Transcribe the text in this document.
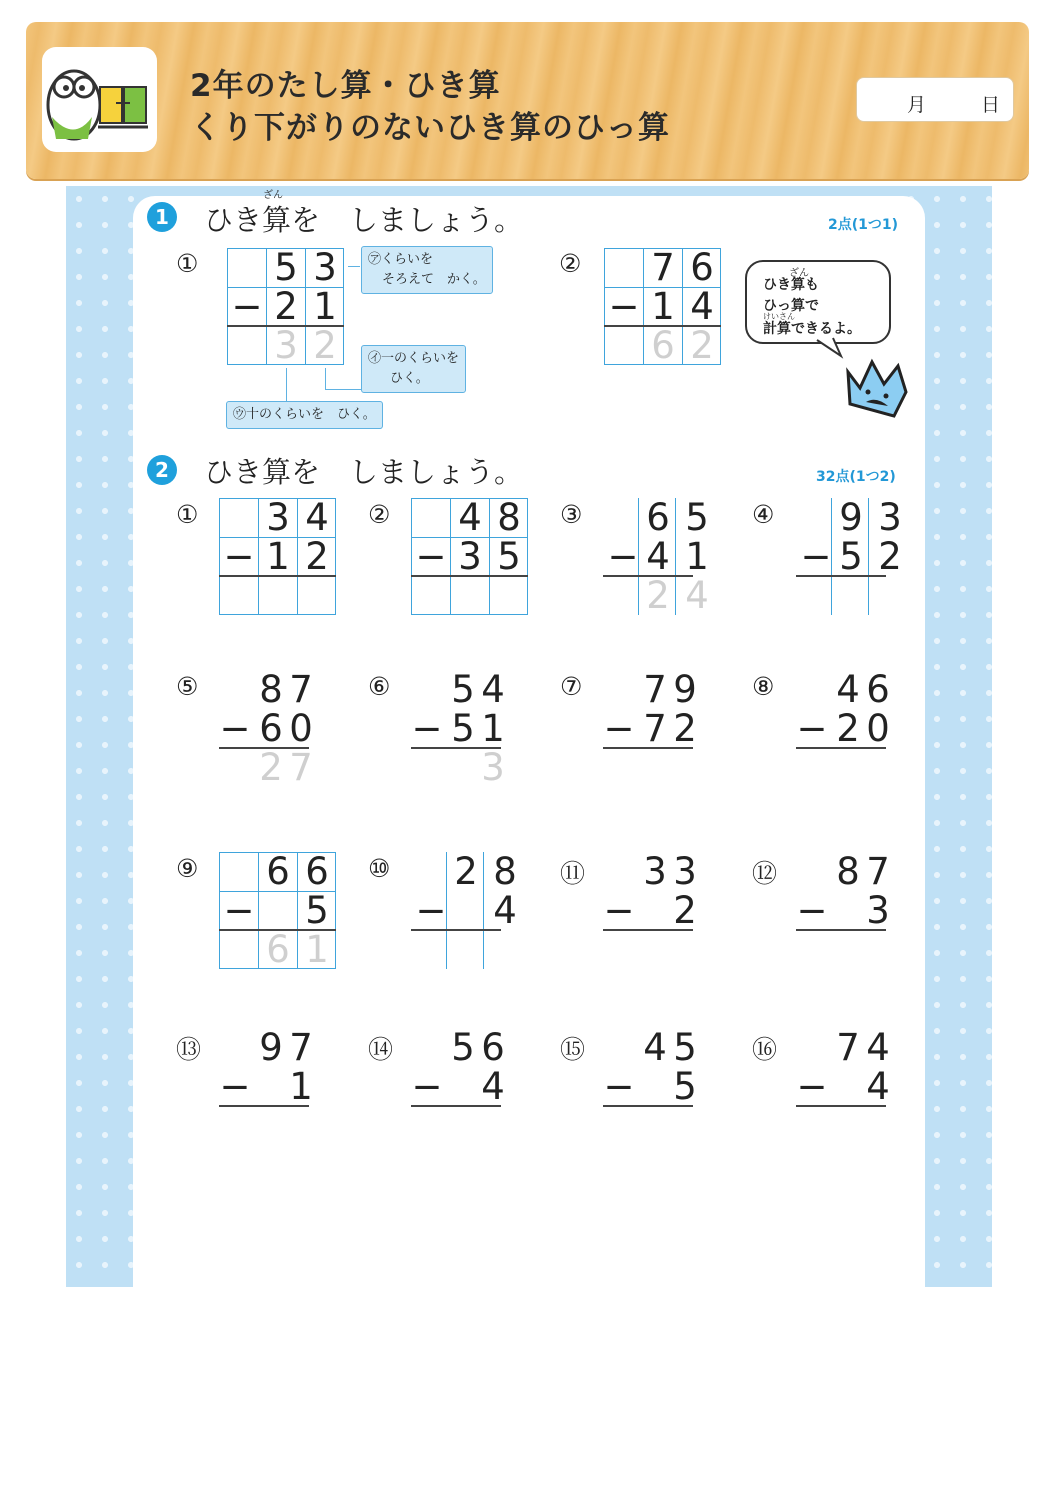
2年のたし算・ひき算
くり下がりのないひき算のひっ算
月	日
1
ざん
ひき算を　しましょう。	2点(1つ1)
①	②
㋐くらいを
そろえて　かく。
㋑一のくらいを
ひく。
㋒十のくらいを　ひく。
ざん
ひき算も
ひっ算で
けいさん
計算できるよ。
2 ひき算を　しましょう。	32点(1つ2)
5 3
− 2 1
3 2
7 6
− 1 4
6 2
① 3 4
− 1 2
② 4 8
− 3 5
③ 6 5
− 4 1
2 4
④ 9 3
− 5 2
⑤ 8 7
− 6 0
2 7
⑥ 5 4
− 5 1
3
⑦ 7 9
− 7 2
⑧ 4 6
− 2 0
⑨ 6 6
− 5
6 1
⑩ 2 8
− 4
⑪ 3 3
− 2
⑫ 8 7
− 3
⑬ 9 7
− 1
⑭ 5 6
− 4
⑮ 4 5
− 5
⑯ 7 4
− 4
